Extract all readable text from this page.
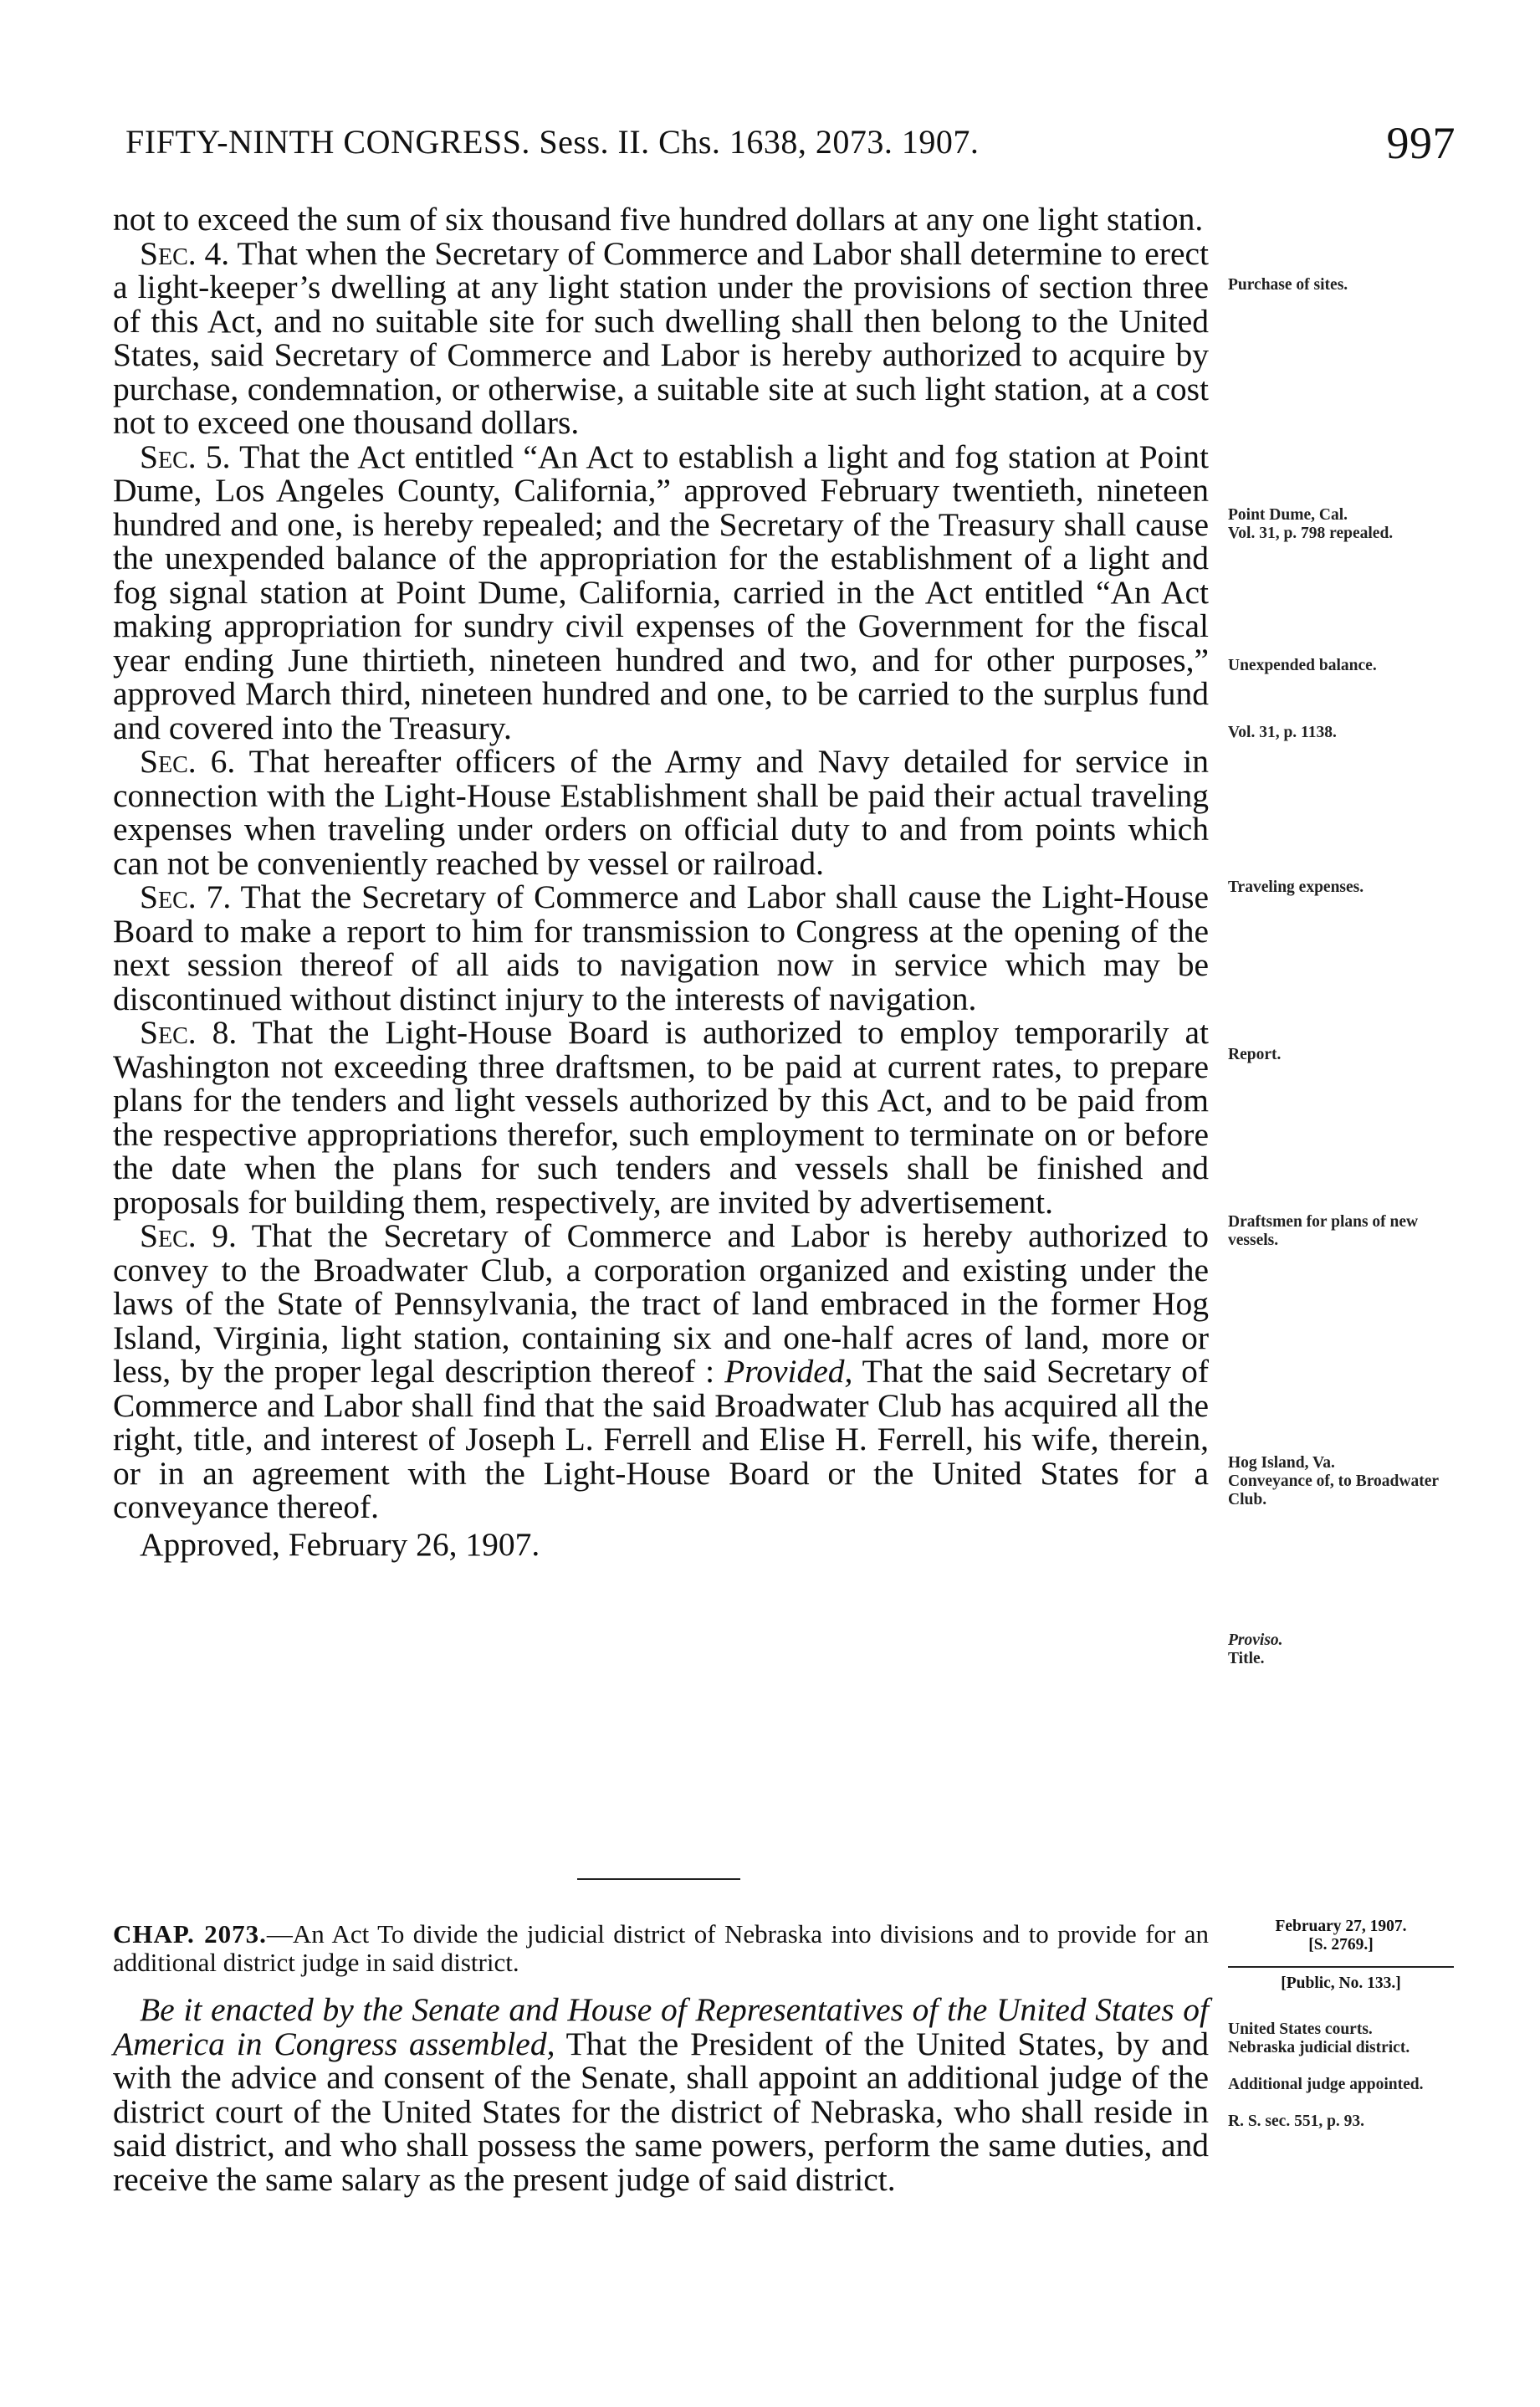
FIFTY-NINTH CONGRESS. Sess. II. Chs. 1638, 2073. 1907.	997

not to exceed the sum of six thousand five hundred dollars at any one light station.

Sec. 4. That when the Secretary of Commerce and Labor shall determine to erect a light-keeper’s dwelling at any light station under the provisions of section three of this Act, and no suitable site for such dwelling shall then belong to the United States, said Secretary of Commerce and Labor is hereby authorized to acquire by purchase, condemnation, or otherwise, a suitable site at such light station, at a cost not to exceed one thousand dollars.

Sec. 5. That the Act entitled “An Act to establish a light and fog station at Point Dume, Los Angeles County, California,” approved February twentieth, nineteen hundred and one, is hereby repealed; and the Secretary of the Treasury shall cause the unexpended balance of the appropriation for the establishment of a light and fog signal station at Point Dume, California, carried in the Act entitled “An Act making appropriation for sundry civil expenses of the Government for the fiscal year ending June thirtieth, nineteen hundred and two, and for other purposes,” approved March third, nineteen hundred and one, to be carried to the surplus fund and covered into the Treasury.

Sec. 6. That hereafter officers of the Army and Navy detailed for service in connection with the Light-House Establishment shall be paid their actual traveling expenses when traveling under orders on official duty to and from points which can not be conveniently reached by vessel or railroad.

Sec. 7. That the Secretary of Commerce and Labor shall cause the Light-House Board to make a report to him for transmission to Congress at the opening of the next session thereof of all aids to navigation now in service which may be discontinued without distinct injury to the interests of navigation.

Sec. 8. That the Light-House Board is authorized to employ temporarily at Washington not exceeding three draftsmen, to be paid at current rates, to prepare plans for the tenders and light vessels authorized by this Act, and to be paid from the respective appropriations therefor, such employment to terminate on or before the date when the plans for such tenders and vessels shall be finished and proposals for building them, respectively, are invited by advertisement.

Sec. 9. That the Secretary of Commerce and Labor is hereby authorized to convey to the Broadwater Club, a corporation organized and existing under the laws of the State of Pennsylvania, the tract of land embraced in the former Hog Island, Virginia, light station, containing six and one-half acres of land, more or less, by the proper legal description thereof : Provided, That the said Secretary of Commerce and Labor shall find that the said Broadwater Club has acquired all the right, title, and interest of Joseph L. Ferrell and Elise H. Ferrell, his wife, therein, or in an agreement with the Light-House Board or the United States for a conveyance thereof.

Approved, February 26, 1907.

Purchase of sites.
Point Dume, Cal.
Vol. 31, p. 798 repealed.
Unexpended balance.
Vol. 31, p. 1138.
Traveling expenses.
Report.
Draftsmen for plans of new vessels.
Hog Island, Va.
Conveyance of, to Broadwater Club.
Proviso.
Title.
CHAP. 2073.—An Act To divide the judicial district of Nebraska into divisions and to provide for an additional district judge in said district.
February 27, 1907.
[S. 2769.]
[Public, No. 133.]

Be it enacted by the Senate and House of Representatives of the United States of America in Congress assembled, That the President of the United States, by and with the advice and consent of the Senate, shall appoint an additional judge of the district court of the United States for the district of Nebraska, who shall reside in said district, and who shall possess the same powers, perform the same duties, and receive the same salary as the present judge of said district.

United States courts.
Nebraska judicial district.
Additional judge appointed.
R. S. sec. 551, p. 93.
